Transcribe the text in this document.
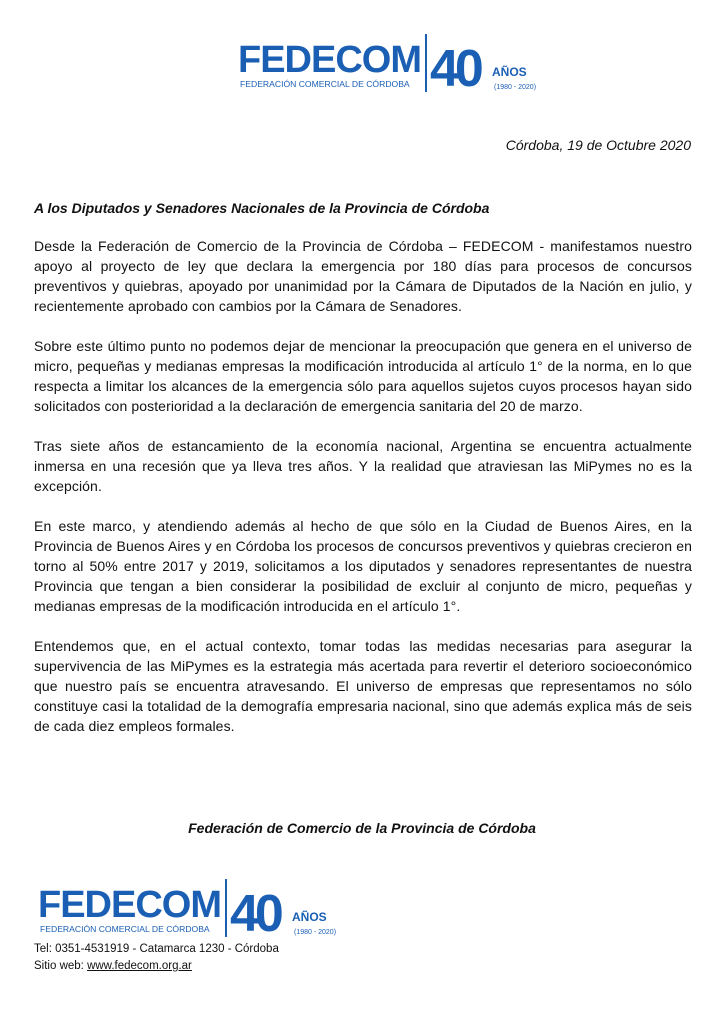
FEDECOM
FEDERACIÓN COMERCIAL DE CÓRDOBA 40 AÑOS
(1980 - 2020)
Córdoba, 19 de Octubre 2020
A los Diputados y Senadores Nacionales de la Provincia de Córdoba

Desde la Federación de Comercio de la Provincia de Córdoba – FEDECOM - manifestamos nuestro apoyo al proyecto de ley que declara la emergencia por 180 días para procesos de concursos preventivos y quiebras, apoyado por unanimidad por la Cámara de Diputados de la Nación en julio, y recientemente aprobado con cambios por la Cámara de Senadores.

Sobre este último punto no podemos dejar de mencionar la preocupación que genera en el universo de micro, pequeñas y medianas empresas la modificación introducida al artículo 1° de la norma, en lo que respecta a limitar los alcances de la emergencia sólo para aquellos sujetos cuyos procesos hayan sido solicitados con posterioridad a la declaración de emergencia sanitaria del 20 de marzo.

Tras siete años de estancamiento de la economía nacional, Argentina se encuentra actualmente inmersa en una recesión que ya lleva tres años. Y la realidad que atraviesan las MiPymes no es la excepción.

En este marco, y atendiendo además al hecho de que sólo en la Ciudad de Buenos Aires, en la Provincia de Buenos Aires y en Córdoba los procesos de concursos preventivos y quiebras crecieron en torno al 50% entre 2017 y 2019, solicitamos a los diputados y senadores representantes de nuestra Provincia que tengan a bien considerar la posibilidad de excluir al conjunto de micro, pequeñas y medianas empresas de la modificación introducida en el artículo 1°.

Entendemos que, en el actual contexto, tomar todas las medidas necesarias para asegurar la supervivencia de las MiPymes es la estrategia más acertada para revertir el deterioro socioeconómico que nuestro país se encuentra atravesando. El universo de empresas que representamos no sólo constituye casi la totalidad de la demografía empresaria nacional, sino que además explica más de seis de cada diez empleos formales.

Federación de Comercio de la Provincia de Córdoba
FEDECOM
FEDERACIÓN COMERCIAL DE CÓRDOBA 40 AÑOS
(1980 - 2020)
Tel: 0351-4531919 - Catamarca 1230 - Córdoba
Sitio web: www.fedecom.org.ar
